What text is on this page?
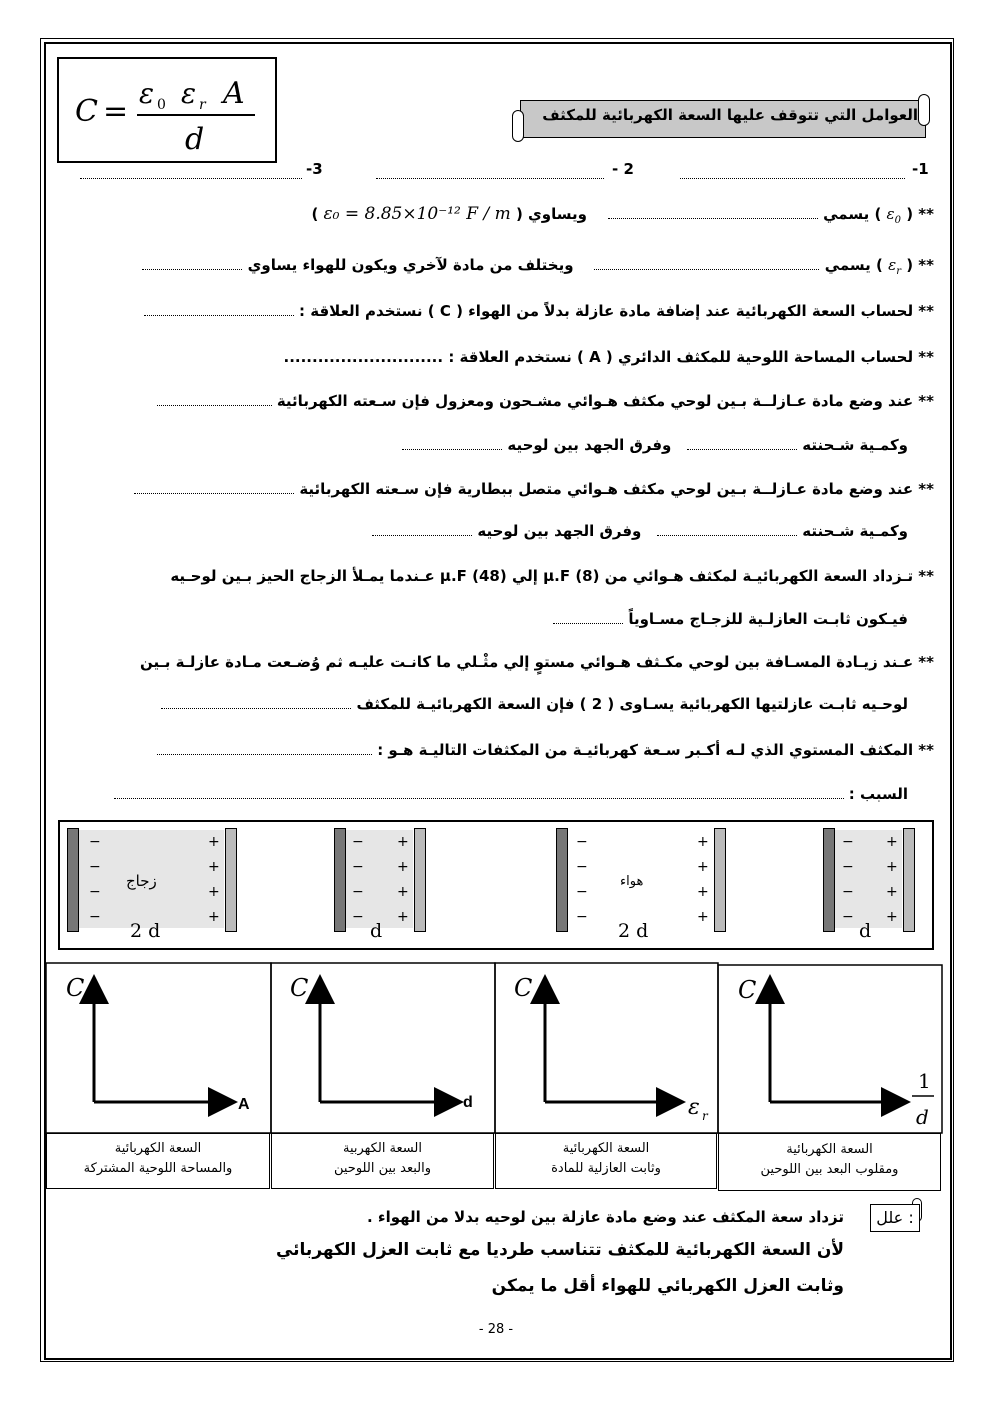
C =
ε 0 ε r A
d
العوامل التي تتوقف عليها السعة الكهربائية للمكثف
-1
- 2
-3
** ( $\varepsilon_0$ ) يسمي     ويساوي ( ε₀ = 8.85×10⁻¹² F / m )
** ( $\varepsilon_r$ ) يسمي     ويختلف من مادة لآخري ويكون للهواء يساوي
** لحساب السعة الكهربائية عند إضافة مادة عازلة بدلاً من الهواء ( C ) نستخدم العلاقة :
** لحساب المساحة اللوحية للمكثف الدائري ( A ) نستخدم العلاقة : ............................
** عند وضع مادة عـازلــة بـين لوحي مكثف هـوائي مشـحون ومعزول فإن سـعته الكهربائية
وكمـية شـحنته    وفرق الجهد بين لوحيه
** عند وضع مادة عـازلــة بـين لوحي مكثف هـوائي متصل ببطارية فإن سـعته الكهربائية
وكمـية شـحنته    وفرق الجهد بين لوحيه
** تـزداد السعة الكهربائيـة لمكثف هـوائي من μ.F (8) إلي μ.F (48) عـندما يمـلأ الزجاج الحيز بـين لوحـيه
فيـكون ثابـت العازلـية للزجـاج مسـاوياً
** عـند زيـادة المسـافة بين لوحي مكـثف هـوائي مستوٍ إلي مثْـلي ما كانـت عليـه ثم وُضـعت مـادة عازلـة بـين
لوحـيه ثابـت عازلتيها الكهربائية يسـاوى ( 2 ) فإن السعة الكهربائيـة للمكثف
** المكثف المستوي الذي لـه أكـبر سـعة كهربائيـة من المكثفات التاليـة هـو :
السبب :
−
−
−
−
+
+
+
+
d
−
−
−
−
+
+
+
+
هواء
2 d
−
−
−
−
+
+
+
+
d
−
−
−
−
+
+
+
+
زجاج
2 d
C	C	C	C
A	d	ε r
1
d
السعة الكهربائية
والمساحة اللوحية المشتركة
السعة الكهربية
والبعد بين اللوحين
السعة الكهربائية
وثابت العازلية للمادة
السعة الكهربائية
ومقلوب البعد بين اللوحين
علل :
تزداد سعة المكثف عند وضع مادة عازلة بين لوحيه بدلا من الهواء .
لأن السعة الكهربائية للمكثف تتناسب طرديا مع ثابت العزل الكهربائي
وثابت العزل الكهربائي للهواء أقل ما يمكن
- 28 -
